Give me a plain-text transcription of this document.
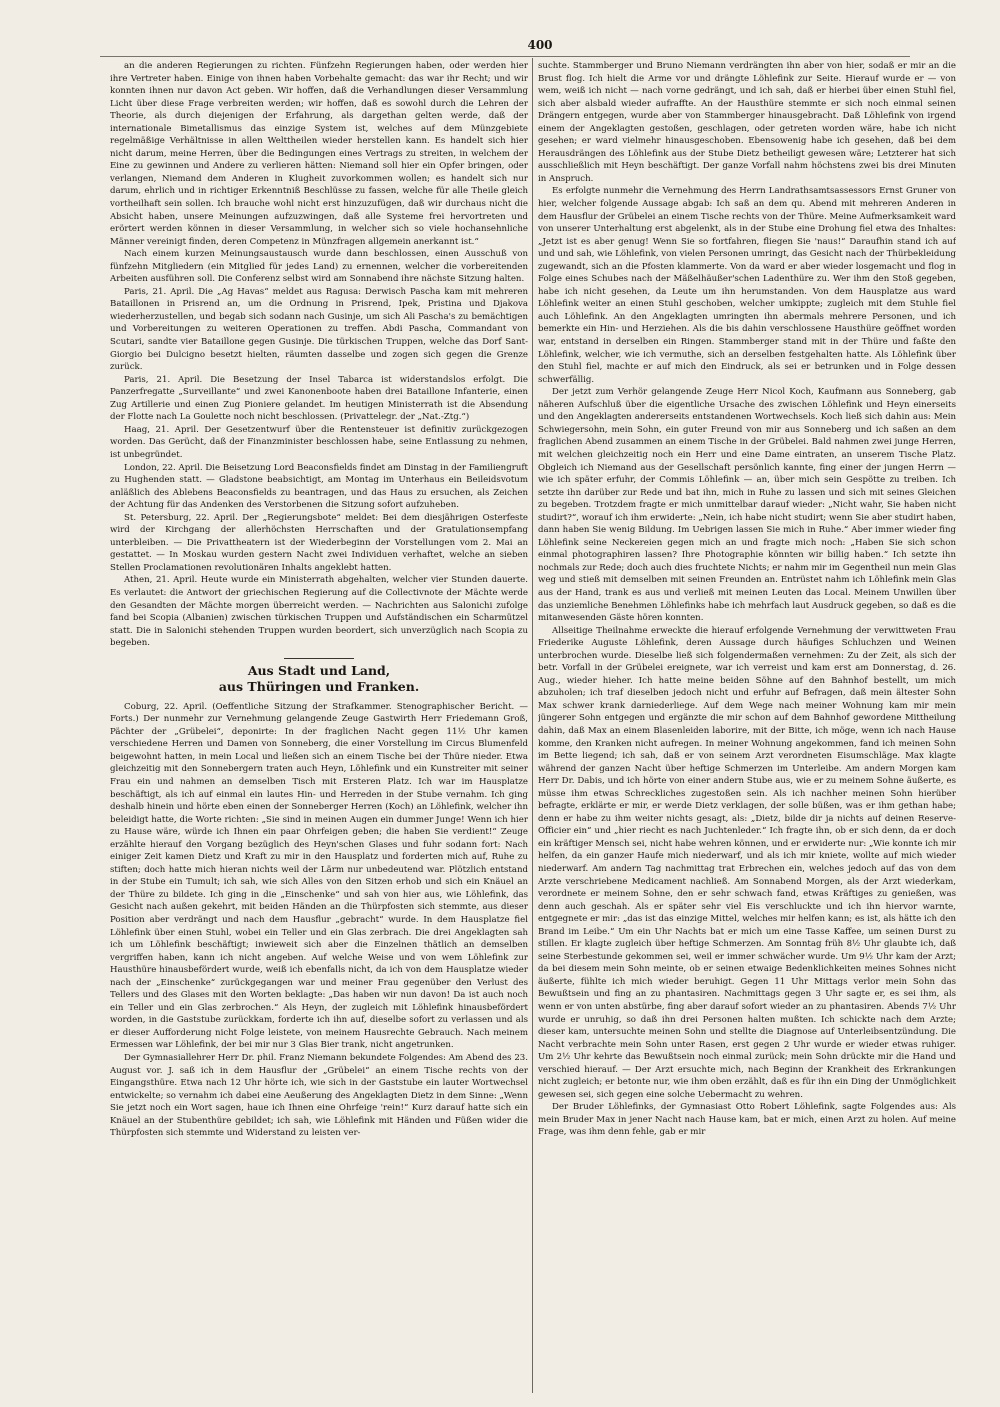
400

an die anderen Regierungen zu richten. Fünfzehn Regierungen haben, oder werden hier ihre Vertreter haben. Einige von ihnen haben Vorbehalte gemacht: das war ihr Recht; und wir konnten ihnen nur davon Act geben. Wir hoffen, daß die Verhandlungen dieser Versammlung Licht über diese Frage verbreiten werden; wir hoffen, daß es sowohl durch die Lehren der Theorie, als durch diejenigen der Erfahrung, als dargethan gelten werde, daß der internationale Bimetallismus das einzige System ist, welches auf dem Münzgebiete regelmäßige Verhältnisse in allen Welttheilen wieder herstellen kann. Es handelt sich hier nicht darum, meine Herren, über die Bedingungen eines Vertrags zu streiten, in welchem der Eine zu gewinnen und Andere zu verlieren hätten: Niemand soll hier ein Opfer bringen, oder verlangen, Niemand dem Anderen in Klugheit zuvorkommen wollen; es handelt sich nur darum, ehrlich und in richtiger Erkenntniß Beschlüsse zu fassen, welche für alle Theile gleich vortheilhaft sein sollen. Ich brauche wohl nicht erst hinzuzufügen, daß wir durchaus nicht die Absicht haben, unsere Meinungen aufzuzwingen, daß alle Systeme frei hervortreten und erörtert werden können in dieser Versammlung, in welcher sich so viele hochansehnliche Männer vereinigt finden, deren Competenz in Münzfragen allgemein anerkannt ist.“

Nach einem kurzen Meinungsaustausch wurde dann beschlossen, einen Ausschuß von fünfzehn Mitgliedern (ein Mitglied für jedes Land) zu ernennen, welcher die vorbereitenden Arbeiten ausführen soll. Die Conferenz selbst wird am Sonnabend ihre nächste Sitzung halten.

Paris, 21. April. Die „Ag Havas“ meldet aus Ragusa: Derwisch Pascha kam mit mehreren Bataillonen in Prisrend an, um die Ordnung in Prisrend, Ipek, Pristina und Djakova wiederherzustellen, und begab sich sodann nach Gusinje, um sich Ali Pascha's zu bemächtigen und Vorbereitungen zu weiteren Operationen zu treffen. Abdi Pascha, Commandant von Scutari, sandte vier Bataillone gegen Gusinje. Die türkischen Truppen, welche das Dorf Sant-Giorgio bei Dulcigno besetzt hielten, räumten dasselbe und zogen sich gegen die Grenze zurück.

Paris, 21. April. Die Besetzung der Insel Tabarca ist widerstandslos erfolgt. Die Panzerfregatte „Surveillante“ und zwei Kanonenboote haben drei Bataillone Infanterie, einen Zug Artillerie und einen Zug Pioniere gelandet. Im heutigen Ministerrath ist die Absendung der Flotte nach La Goulette noch nicht beschlossen. (Privattelegr. der „Nat.-Ztg.“)

Haag, 21. April. Der Gesetzentwurf über die Rentensteuer ist definitiv zurückgezogen worden. Das Gerücht, daß der Finanzminister beschlossen habe, seine Entlassung zu nehmen, ist unbegründet.

London, 22. April. Die Beisetzung Lord Beaconsfields findet am Dinstag in der Familiengruft zu Hughenden statt. — Gladstone beabsichtigt, am Montag im Unterhaus ein Beileidsvotum anläßlich des Ablebens Beaconsfields zu beantragen, und das Haus zu ersuchen, als Zeichen der Achtung für das Andenken des Verstorbenen die Sitzung sofort aufzuheben.

St. Petersburg, 22. April. Der „Regierungsbote“ meldet: Bei dem diesjährigen Osterfeste wird der Kirchgang der allerhöchsten Herrschaften und der Gratulationsempfang unterbleiben. — Die Privattheatern ist der Wiederbeginn der Vorstellungen vom 2. Mai an gestattet. — In Moskau wurden gestern Nacht zwei Individuen verhaftet, welche an sieben Stellen Proclamationen revolutionären Inhalts angeklebt hatten.

Athen, 21. April. Heute wurde ein Ministerrath abgehalten, welcher vier Stunden dauerte. Es verlautet: die Antwort der griechischen Regierung auf die Collectivnote der Mächte werde den Gesandten der Mächte morgen überreicht werden. — Nachrichten aus Salonichi zufolge fand bei Scopia (Albanien) zwischen türkischen Truppen und Aufständischen ein Scharmützel statt. Die in Salonichi stehenden Truppen wurden beordert, sich unverzüglich nach Scopia zu begeben.

Aus Stadt und Land,
aus Thüringen und Franken.

Coburg, 22. April. (Oeffentliche Sitzung der Strafkammer. Stenographischer Bericht. — Forts.) Der nunmehr zur Vernehmung gelangende Zeuge Gastwirth Herr Friedemann Groß, Pächter der „Grübelei“, deponirte: In der fraglichen Nacht gegen 11½ Uhr kamen verschiedene Herren und Damen von Sonneberg, die einer Vorstellung im Circus Blumenfeld beigewohnt hatten, in mein Local und ließen sich an einem Tische bei der Thüre nieder. Etwa gleichzeitig mit den Sonnebergern traten auch Heyn, Löhlefink und ein Kunstreiter mit seiner Frau ein und nahmen an demselben Tisch mit Ersteren Platz. Ich war im Hausplatze beschäftigt, als ich auf einmal ein lautes Hin- und Herreden in der Stube vernahm. Ich ging deshalb hinein und hörte eben einen der Sonneberger Herren (Koch) an Löhlefink, welcher ihn beleidigt hatte, die Worte richten: „Sie sind in meinen Augen ein dummer Junge! Wenn ich hier zu Hause wäre, würde ich Ihnen ein paar Ohrfeigen geben; die haben Sie verdient!“ Zeuge erzählte hierauf den Vorgang bezüglich des Heyn'schen Glases und fuhr sodann fort: Nach einiger Zeit kamen Dietz und Kraft zu mir in den Hausplatz und forderten mich auf, Ruhe zu stiften; doch hatte mich hieran nichts weil der Lärm nur unbedeutend war. Plötzlich entstand in der Stube ein Tumult; ich sah, wie sich Alles von den Sitzen erhob und sich ein Knäuel an der Thüre zu bildete. Ich ging in die „Einschenke“ und sah von hier aus, wie Löhlefink, das Gesicht nach außen gekehrt, mit beiden Händen an die Thürpfosten sich stemmte, aus dieser Position aber verdrängt und nach dem Hausflur „gebracht“ wurde. In dem Hausplatze fiel Löhlefink über einen Stuhl, wobei ein Teller und ein Glas zerbrach. Die drei Angeklagten sah ich um Löhlefink beschäftigt; inwieweit sich aber die Einzelnen thätlich an demselben vergriffen haben, kann ich nicht angeben. Auf welche Weise und von wem Löhlefink zur Hausthüre hinausbefördert wurde, weiß ich ebenfalls nicht, da ich von dem Hausplatze wieder nach der „Einschenke“ zurückgegangen war und meiner Frau gegenüber den Verlust des Tellers und des Glases mit den Worten beklagte: „Das haben wir nun davon! Da ist auch noch ein Teller und ein Glas zerbrochen.“ Als Heyn, der zugleich mit Löhlefink hinausbefördert worden, in die Gaststube zurückkam, forderte ich ihn auf, dieselbe sofort zu verlassen und als er dieser Aufforderung nicht Folge leistete, von meinem Hausrechte Gebrauch. Nach meinem Ermessen war Löhlefink, der bei mir nur 3 Glas Bier trank, nicht angetrunken.

Der Gymnasiallehrer Herr Dr. phil. Franz Niemann bekundete Folgendes: Am Abend des 23. August vor. J. saß ich in dem Hausflur der „Grübelei“ an einem Tische rechts von der Eingangsthüre. Etwa nach 12 Uhr hörte ich, wie sich in der Gaststube ein lauter Wortwechsel entwickelte; so vernahm ich dabei eine Aeußerung des Angeklagten Dietz in dem Sinne: „Wenn Sie jetzt noch ein Wort sagen, haue ich Ihnen eine Ohrfeige 'rein!“ Kurz darauf hatte sich ein Knäuel an der Stubenthüre gebildet; ich sah, wie Löhlefink mit Händen und Füßen wider die Thürpfosten sich stemmte und Widerstand zu leisten ver-

suchte. Stammberger und Bruno Niemann verdrängten ihn aber von hier, sodaß er mir an die Brust flog. Ich hielt die Arme vor und drängte Löhlefink zur Seite. Hierauf wurde er — von wem, weiß ich nicht — nach vorne gedrängt, und ich sah, daß er hierbei über einen Stuhl fiel, sich aber alsbald wieder aufraffte. An der Hausthüre stemmte er sich noch einmal seinen Drängern entgegen, wurde aber von Stammberger hinausgebracht. Daß Löhlefink von irgend einem der Angeklagten gestoßen, geschlagen, oder getreten worden wäre, habe ich nicht gesehen; er ward vielmehr hinausgeschoben. Ebensowenig habe ich gesehen, daß bei dem Herausdrängen des Löhlefink aus der Stube Dietz betheiligt gewesen wäre; Letzterer hat sich ausschließlich mit Heyn beschäftigt. Der ganze Vorfall nahm höchstens zwei bis drei Minuten in Anspruch.

Es erfolgte nunmehr die Vernehmung des Herrn Landrathsamtsassessors Ernst Gruner von hier, welcher folgende Aussage abgab: Ich saß an dem qu. Abend mit mehreren Anderen in dem Hausflur der Grübelei an einem Tische rechts von der Thüre. Meine Aufmerksamkeit ward von unserer Unterhaltung erst abgelenkt, als in der Stube eine Drohung fiel etwa des Inhaltes: „Jetzt ist es aber genug! Wenn Sie so fortfahren, fliegen Sie 'naus!“ Daraufhin stand ich auf und und sah, wie Löhlefink, von vielen Personen umringt, das Gesicht nach der Thürbekleidung zugewandt, sich an die Pfosten klammerte. Von da ward er aber wieder losgemacht und flog in Folge eines Schubes nach der Mäßelhäußer'schen Ladenthüre zu. Wer ihm den Stoß gegeben, habe ich nicht gesehen, da Leute um ihn herumstanden. Von dem Hausplatze aus ward Löhlefink weiter an einen Stuhl geschoben, welcher umkippte; zugleich mit dem Stuhle fiel auch Löhlefink. An den Angeklagten umringten ihn abermals mehrere Personen, und ich bemerkte ein Hin- und Herziehen. Als die bis dahin verschlossene Hausthüre geöffnet worden war, entstand in derselben ein Ringen. Stammberger stand mit in der Thüre und faßte den Löhlefink, welcher, wie ich vermuthe, sich an derselben festgehalten hatte. Als Löhlefink über den Stuhl fiel, machte er auf mich den Eindruck, als sei er betrunken und in Folge dessen schwerfällig.

Der jetzt zum Verhör gelangende Zeuge Herr Nicol Koch, Kaufmann aus Sonneberg, gab näheren Aufschluß über die eigentliche Ursache des zwischen Löhlefink und Heyn einerseits und den Angeklagten andererseits entstandenen Wortwechsels. Koch ließ sich dahin aus: Mein Schwiegersohn, mein Sohn, ein guter Freund von mir aus Sonneberg und ich saßen an dem fraglichen Abend zusammen an einem Tische in der Grübelei. Bald nahmen zwei junge Herren, mit welchen gleichzeitig noch ein Herr und eine Dame eintraten, an unserem Tische Platz. Obgleich ich Niemand aus der Gesellschaft persönlich kannte, fing einer der jungen Herrn — wie ich später erfuhr, der Commis Löhlefink — an, über mich sein Gespötte zu treiben. Ich setzte ihn darüber zur Rede und bat ihn, mich in Ruhe zu lassen und sich mit seines Gleichen zu begeben. Trotzdem fragte er mich unmittelbar darauf wieder: „Nicht wahr, Sie haben nicht studirt?“, worauf ich ihm erwiderte: „Nein, ich habe nicht studirt; wenn Sie aber studirt haben, dann haben Sie wenig Bildung. Im Uebrigen lassen Sie mich in Ruhe.“ Aber immer wieder fing Löhlefink seine Neckereien gegen mich an und fragte mich noch: „Haben Sie sich schon einmal photographiren lassen? Ihre Photographie könnten wir billig haben.“ Ich setzte ihn nochmals zur Rede; doch auch dies fruchtete Nichts; er nahm mir im Gegentheil nun mein Glas weg und stieß mit demselben mit seinen Freunden an. Entrüstet nahm ich Löhlefink mein Glas aus der Hand, trank es aus und verließ mit meinen Leuten das Local. Meinem Unwillen über das unziemliche Benehmen Löhlefinks habe ich mehrfach laut Ausdruck gegeben, so daß es die mitanwesenden Gäste hören konnten.

Allseitige Theilnahme erweckte die hierauf erfolgende Vernehmung der verwittweten Frau Friederike Auguste Löhlefink, deren Aussage durch häufiges Schluchzen und Weinen unterbrochen wurde. Dieselbe ließ sich folgendermaßen vernehmen: Zu der Zeit, als sich der betr. Vorfall in der Grübelei ereignete, war ich verreist und kam erst am Donnerstag, d. 26. Aug., wieder hieher. Ich hatte meine beiden Söhne auf den Bahnhof bestellt, um mich abzuholen; ich traf dieselben jedoch nicht und erfuhr auf Befragen, daß mein ältester Sohn Max schwer krank darniederliege. Auf dem Wege nach meiner Wohnung kam mir mein jüngerer Sohn entgegen und ergänzte die mir schon auf dem Bahnhof gewordene Mittheilung dahin, daß Max an einem Blasenleiden laborire, mit der Bitte, ich möge, wenn ich nach Hause komme, den Kranken nicht aufregen. In meiner Wohnung angekommen, fand ich meinen Sohn im Bette liegend; ich sah, daß er von seinem Arzt verordneten Eisumschläge. Max klagte während der ganzen Nacht über heftige Schmerzen im Unterleibe. Am andern Morgen kam Herr Dr. Dabis, und ich hörte von einer andern Stube aus, wie er zu meinem Sohne äußerte, es müsse ihm etwas Schreckliches zugestoßen sein. Als ich nachher meinen Sohn hierüber befragte, erklärte er mir, er werde Dietz verklagen, der solle büßen, was er ihm gethan habe; denn er habe zu ihm weiter nichts gesagt, als: „Dietz, bilde dir ja nichts auf deinen Reserve-Officier ein“ und „hier riecht es nach Juchtenleder.“ Ich fragte ihn, ob er sich denn, da er doch ein kräftiger Mensch sei, nicht habe wehren können, und er erwiderte nur: „Wie konnte ich mir helfen, da ein ganzer Haufe mich niederwarf, und als ich mir kniete, wollte auf mich wieder niederwarf. Am andern Tag nachmittag trat Erbrechen ein, welches jedoch auf das von dem Arzte verschriebene Medicament nachließ. Am Sonnabend Morgen, als der Arzt wiederkam, verordnete er meinem Sohne, den er sehr schwach fand, etwas Kräftiges zu genießen, was denn auch geschah. Als er später sehr viel Eis verschluckte und ich ihn hiervor warnte, entgegnete er mir: „das ist das einzige Mittel, welches mir helfen kann; es ist, als hätte ich den Brand im Leibe.“ Um ein Uhr Nachts bat er mich um eine Tasse Kaffee, um seinen Durst zu stillen. Er klagte zugleich über heftige Schmerzen. Am Sonntag früh 8½ Uhr glaubte ich, daß seine Sterbestunde gekommen sei, weil er immer schwächer wurde. Um 9½ Uhr kam der Arzt; da bei diesem mein Sohn meinte, ob er seinen etwaige Bedenklichkeiten meines Sohnes nicht äußerte, fühlte ich mich wieder beruhigt. Gegen 11 Uhr Mittags verlor mein Sohn das Bewußtsein und fing an zu phantasiren. Nachmittags gegen 3 Uhr sagte er, es sei ihm, als wenn er von unten abstürbe, fing aber darauf sofort wieder an zu phantasiren. Abends 7½ Uhr wurde er unruhig, so daß ihn drei Personen halten mußten. Ich schickte nach dem Arzte; dieser kam, untersuchte meinen Sohn und stellte die Diagnose auf Unterleibsentzündung. Die Nacht verbrachte mein Sohn unter Rasen, erst gegen 2 Uhr wurde er wieder etwas ruhiger. Um 2½ Uhr kehrte das Bewußtsein noch einmal zurück; mein Sohn drückte mir die Hand und verschied hierauf. — Der Arzt ersuchte mich, nach Beginn der Krankheit des Erkrankungen nicht zugleich; er betonte nur, wie ihm oben erzählt, daß es für ihn ein Ding der Unmöglichkeit gewesen sei, sich gegen eine solche Uebermacht zu wehren.

Der Bruder Löhlefinks, der Gymnasiast Otto Robert Löhlefink, sagte Folgendes aus: Als mein Bruder Max in jener Nacht nach Hause kam, bat er mich, einen Arzt zu holen. Auf meine Frage, was ihm denn fehle, gab er mir
